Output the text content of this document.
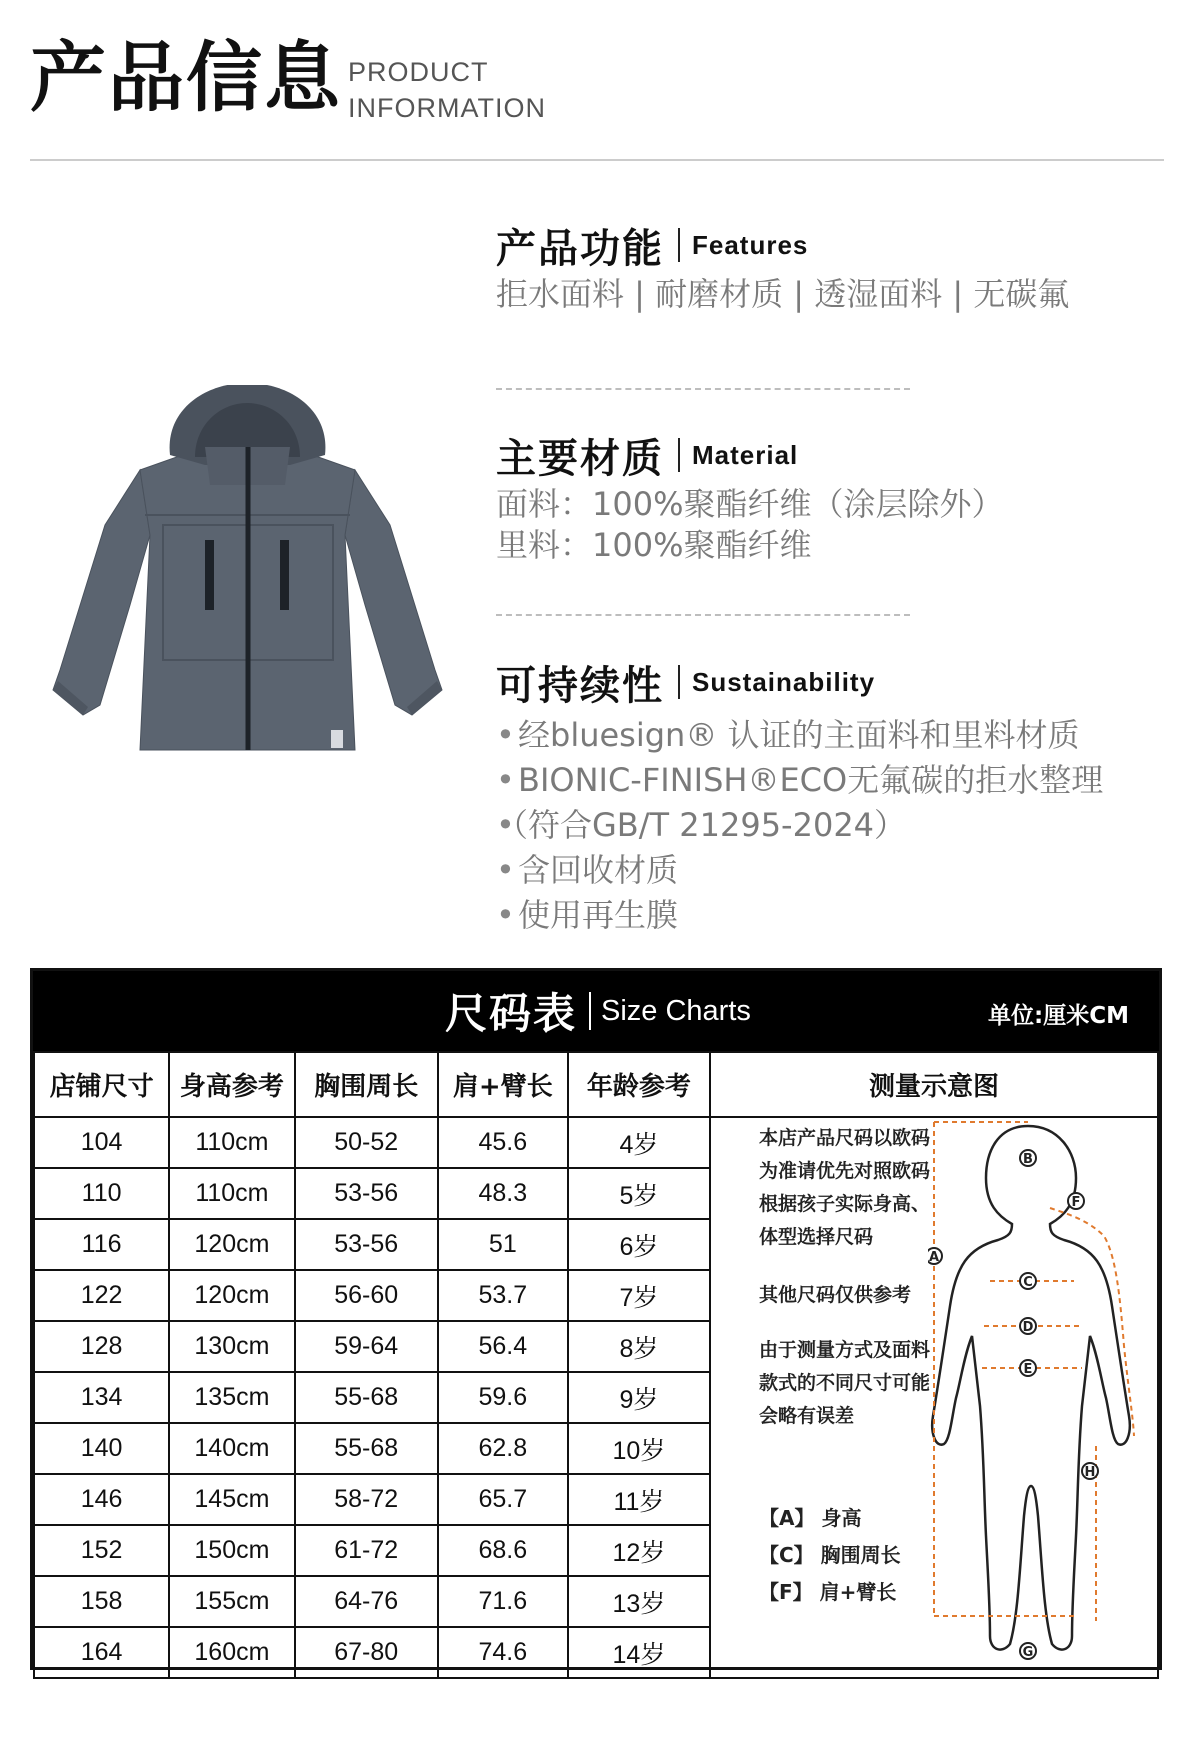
产品信息 PRODUCT
INFORMATION
产品功能 Features
拒水面料 | 耐磨材质 | 透湿面料 | 无碳氟
主要材质 Material
面料：100%聚酯纤维（涂层除外）
里料：100%聚酯纤维
可持续性 Sustainability
• 经bluesign® 认证的主面料和里料材质
• BIONIC-FINISH®ECO无氟碳的拒水整理
• （符合GB/T 21295-2024）
• 含回收材质
• 使用再生膜
尺码表 Size Charts	单位:厘米CM
店铺尺寸	身高参考	胸围周长	肩+臂长	年龄参考	测量示意图
104	110cm	50-52	45.6	4岁	
110	110cm	53-56	48.3	5岁	
116	120cm	53-56	51	6岁	
122	120cm	56-60	53.7	7岁	
128	130cm	59-64	56.4	8岁	
134	135cm	55-68	59.6	9岁	
140	140cm	55-68	62.8	10岁	
146	145cm	58-72	65.7	11岁	
152	150cm	61-72	68.6	12岁	
158	155cm	64-76	71.6	13岁	
164	160cm	67-80	74.6	14岁	
本店产品尺码以欧码
为准请优先对照欧码
根据孩子实际身高、
体型选择尺码
其他尺码仅供参考
由于测量方式及面料
款式的不同尺寸可能
会略有误差
【A】 身高
【C】 胸围周长
【F】 肩+臂长
A
B
C
D
E
F
G
H
